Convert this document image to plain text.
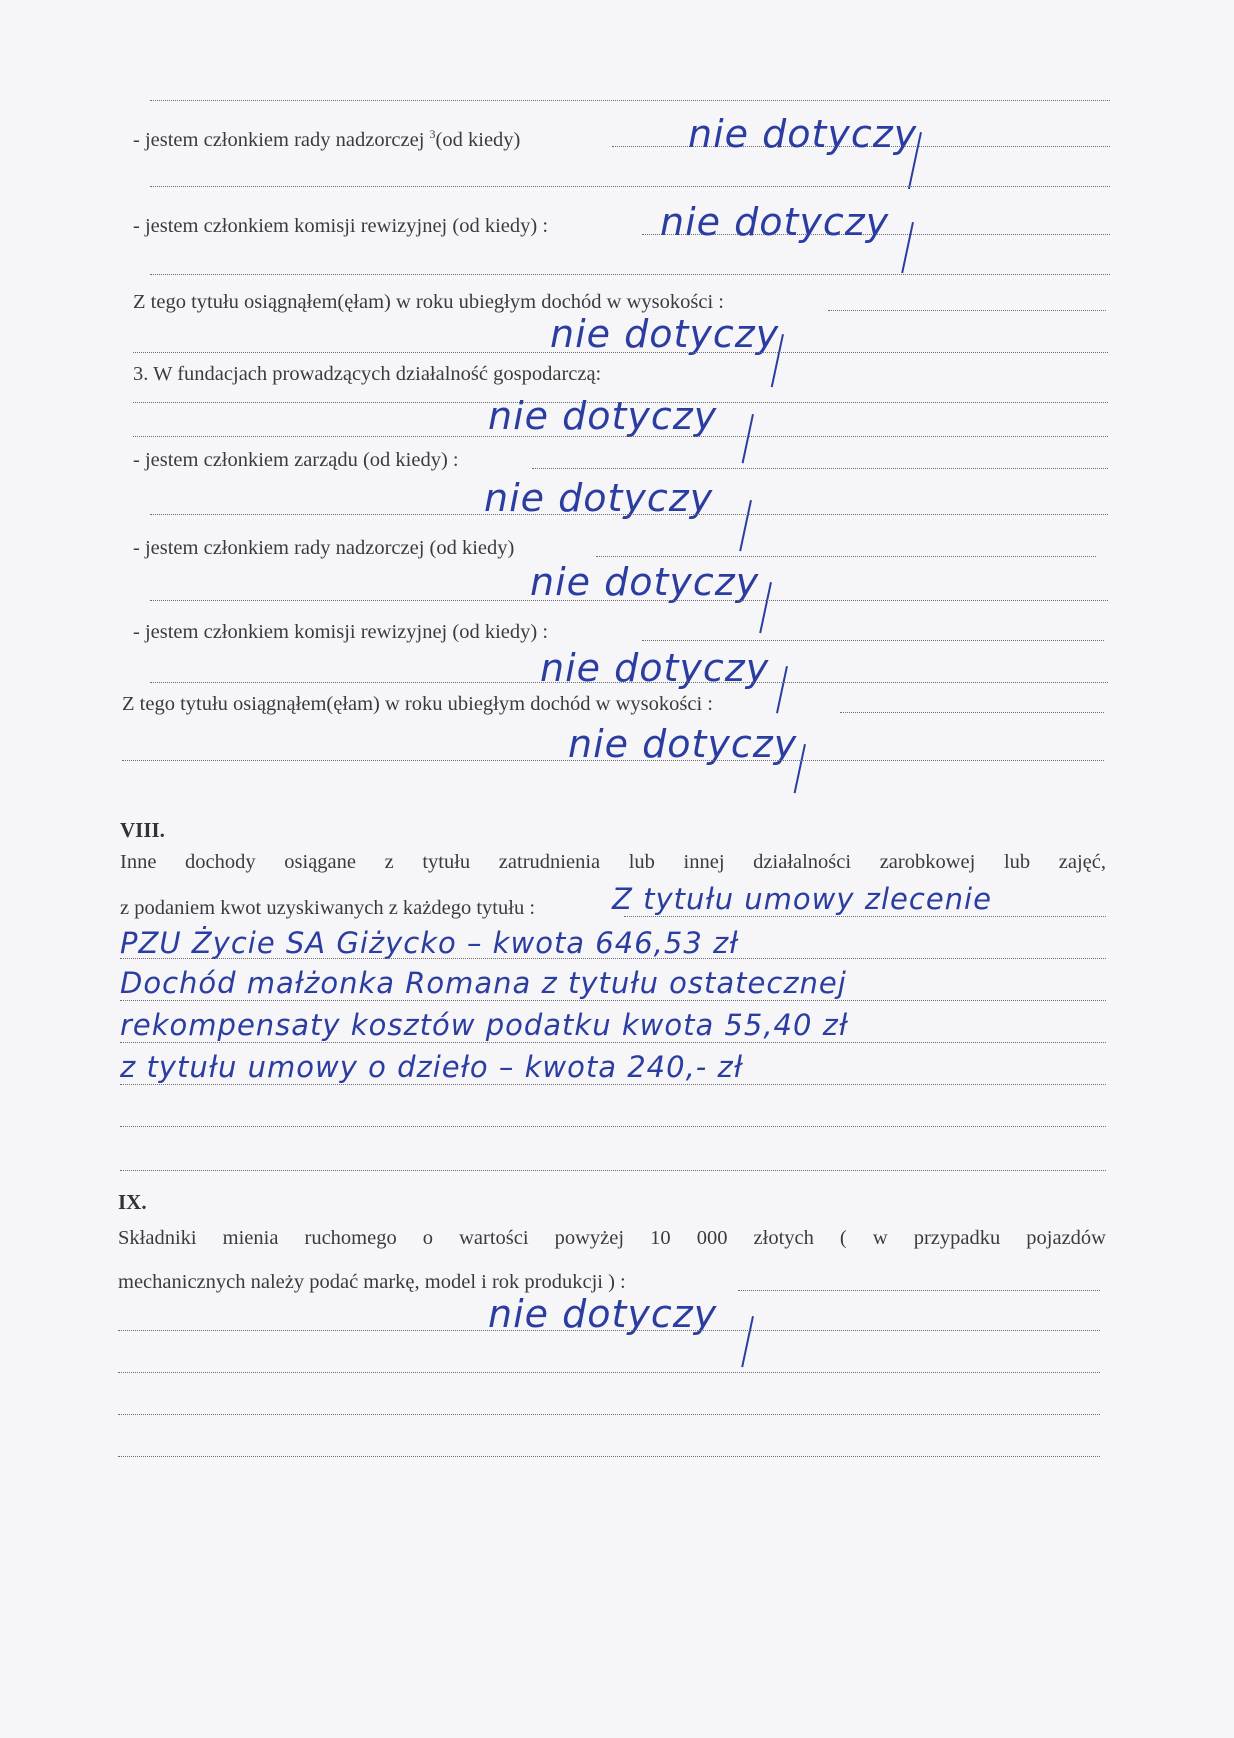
- jestem członkiem rady nadzorczej $^3$(od kiedy)	nie dotyczy
- jestem członkiem komisji rewizyjnej (od kiedy) :	nie dotyczy
Z tego tytułu osiągnąłem(ęłam) w roku ubiegłym dochód w wysokości :
nie dotyczy
3. W fundacjach prowadzących działalność gospodarczą:
nie dotyczy
- jestem członkiem zarządu (od kiedy) :
nie dotyczy
- jestem członkiem rady nadzorczej (od kiedy)
nie dotyczy
- jestem członkiem komisji rewizyjnej (od kiedy) :
nie dotyczy
Z tego tytułu osiągnąłem(ęłam) w roku ubiegłym dochód w wysokości :
nie dotyczy
VIII.
Inne dochody osiągane z tytułu zatrudnienia lub innej działalności zarobkowej lub zajęć,
z podaniem kwot uzyskiwanych z każdego tytułu :	Z tytułu umowy zlecenie
PZU Życie SA Giżycko – kwota 646,53 zł
Dochód małżonka Romana z tytułu ostatecznej
rekompensaty kosztów podatku kwota 55,40 zł
z tytułu umowy o dzieło – kwota 240,- zł
IX.
Składniki mienia ruchomego o wartości powyżej 10 000 złotych ( w przypadku pojazdów
mechanicznych należy podać markę, model i rok produkcji ) :
nie dotyczy
